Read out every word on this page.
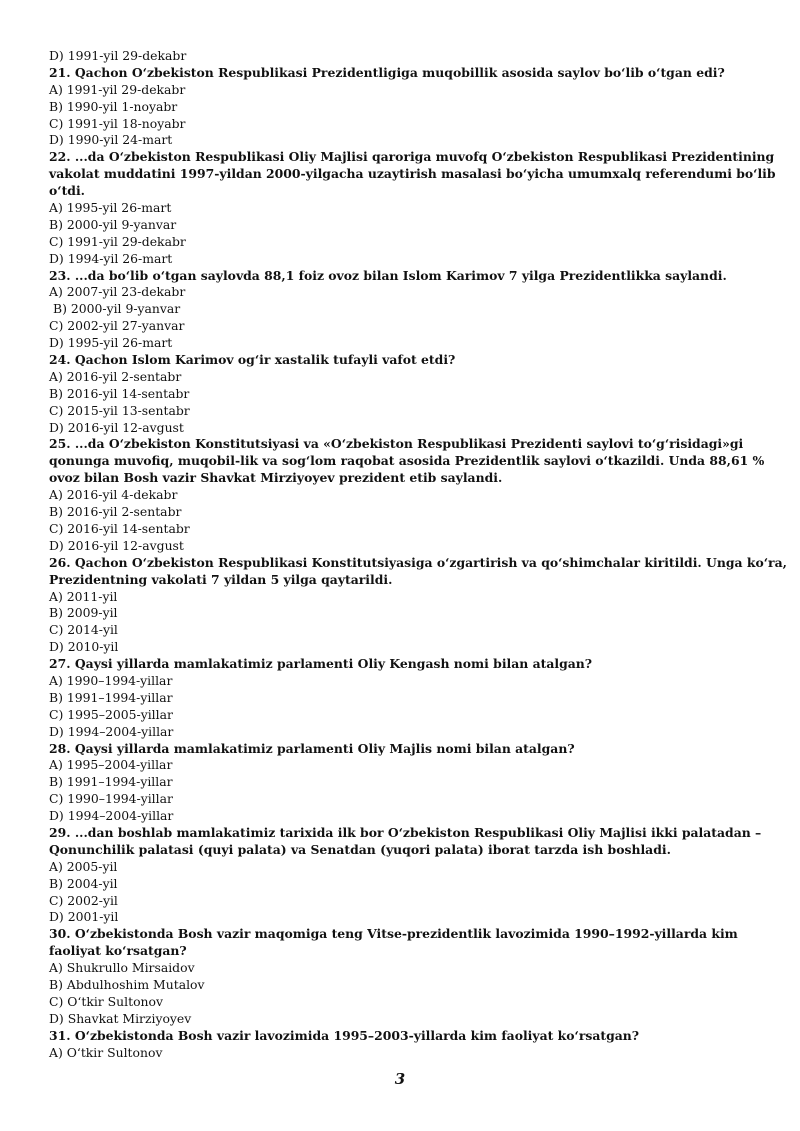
D) 1991-yil 29-dekabr
21. Qachon O‘zbekiston Respublikasi Prezidentligiga muqobillik asosida saylov bo‘lib o‘tgan edi?
A) 1991-yil 29-dekabr
B) 1990-yil 1-noyabr
C) 1991-yil 18-noyabr
D) 1990-yil 24-mart
22. ...da O‘zbekiston Respublikasi Oliy Majlisi qaroriga muvofq O‘zbekiston Respublikasi Prezidentining
vakolat muddatini 1997-yildan 2000-yilgacha uzaytirish masalasi bo‘yicha umumxalq referendumi bo‘lib
o‘tdi.
A) 1995-yil 26-mart
B) 2000-yil 9-yanvar
C) 1991-yil 29-dekabr
D) 1994-yil 26-mart
23. ...da bo‘lib o‘tgan saylovda 88,1 foiz ovoz bilan Islom Karimov 7 yilga Prezidentlikka saylandi.
A) 2007-yil 23-dekabr
B) 2000-yil 9-yanvar
C) 2002-yil 27-yanvar
D) 1995-yil 26-mart
24. Qachon Islom Karimov og‘ir xastalik tufayli vafot etdi?
A) 2016-yil 2-sentabr
B) 2016-yil 14-sentabr
C) 2015-yil 13-sentabr
D) 2016-yil 12-avgust
25. ...da O‘zbekiston Konstitutsiyasi va «O‘zbekiston Respublikasi Prezidenti saylovi to‘g‘risidagi»gi
qonunga muvofiq, muqobil-lik va sog‘lom raqobat asosida Prezidentlik saylovi o‘tkazildi. Unda 88,61 %
ovoz bilan Bosh vazir Shavkat Mirziyoyev prezident etib saylandi.
A) 2016-yil 4-dekabr
B) 2016-yil 2-sentabr
C) 2016-yil 14-sentabr
D) 2016-yil 12-avgust
26. Qachon O‘zbekiston Respublikasi Konstitutsiyasiga o‘zgartirish va qo‘shimchalar kiritildi. Unga ko‘ra,
Prezidentning vakolati 7 yildan 5 yilga qaytarildi.
A) 2011-yil
B) 2009-yil
C) 2014-yil
D) 2010-yil
27. Qaysi yillarda mamlakatimiz parlamenti Oliy Kengash nomi bilan atalgan?
A) 1990–1994-yillar
B) 1991–1994-yillar
C) 1995–2005-yillar
D) 1994–2004-yillar
28. Qaysi yillarda mamlakatimiz parlamenti Oliy Majlis nomi bilan atalgan?
A) 1995–2004-yillar
B) 1991–1994-yillar
C) 1990–1994-yillar
D) 1994–2004-yillar
29. ...dan boshlab mamlakatimiz tarixida ilk bor O‘zbekiston Respublikasi Oliy Majlisi ikki palatadan –
Qonunchilik palatasi (quyi palata) va Senatdan (yuqori palata) iborat tarzda ish boshladi.
A) 2005-yil
B) 2004-yil
C) 2002-yil
D) 2001-yil
30. O‘zbekistonda Bosh vazir maqomiga teng Vitse-prezidentlik lavozimida 1990–1992-yillarda kim
faoliyat ko‘rsatgan?
A) Shukrullo Mirsaidov
B) Abdulhoshim Mutalov
C) O‘tkir Sultonov
D) Shavkat Mirziyoyev
31. O‘zbekistonda Bosh vazir lavozimida 1995–2003-yillarda kim faoliyat ko‘rsatgan?
A) O‘tkir Sultonov
3
